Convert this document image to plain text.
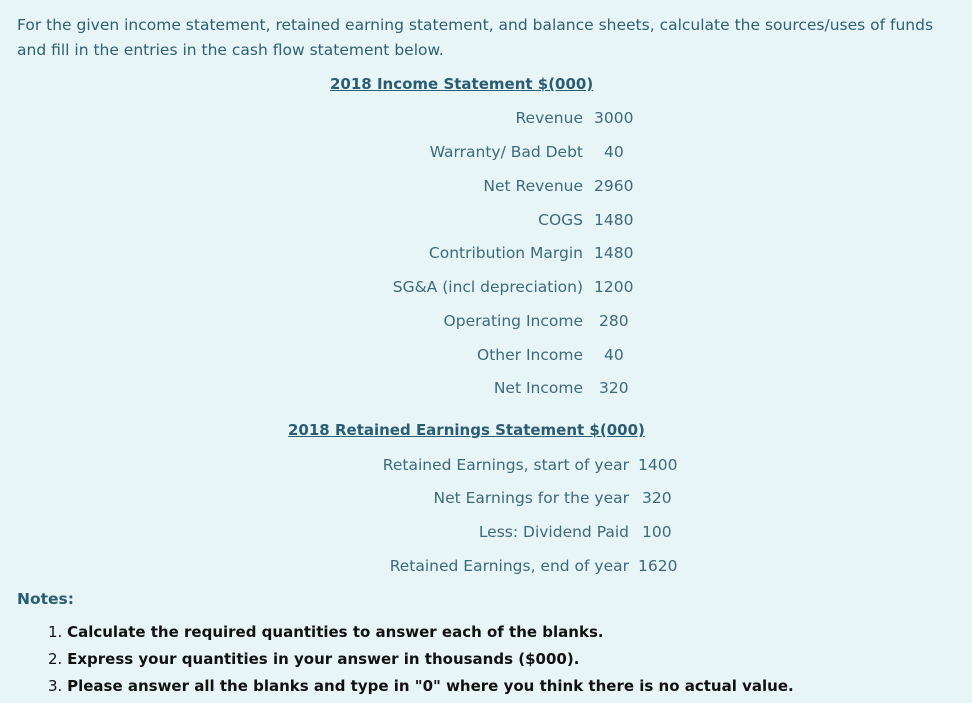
For the given income statement, retained earning statement, and balance sheets, calculate the sources/uses of funds and fill in the entries in the cash flow statement below.
2018 Income Statement $(000)
Revenue 3000
Warranty/ Bad Debt 40
Net Revenue 2960
COGS 1480
Contribution Margin 1480
SG&A (incl depreciation) 1200
Operating Income 280
Other Income 40
Net Income 320
2018 Retained Earnings Statement $(000)
Retained Earnings, start of year 1400
Net Earnings for the year 320
Less: Dividend Paid 100
Retained Earnings, end of year 1620
Notes:
1. Calculate the required quantities to answer each of the blanks.
2. Express your quantities in your answer in thousands ($000).
3. Please answer all the blanks and type in "0" where you think there is no actual value.
